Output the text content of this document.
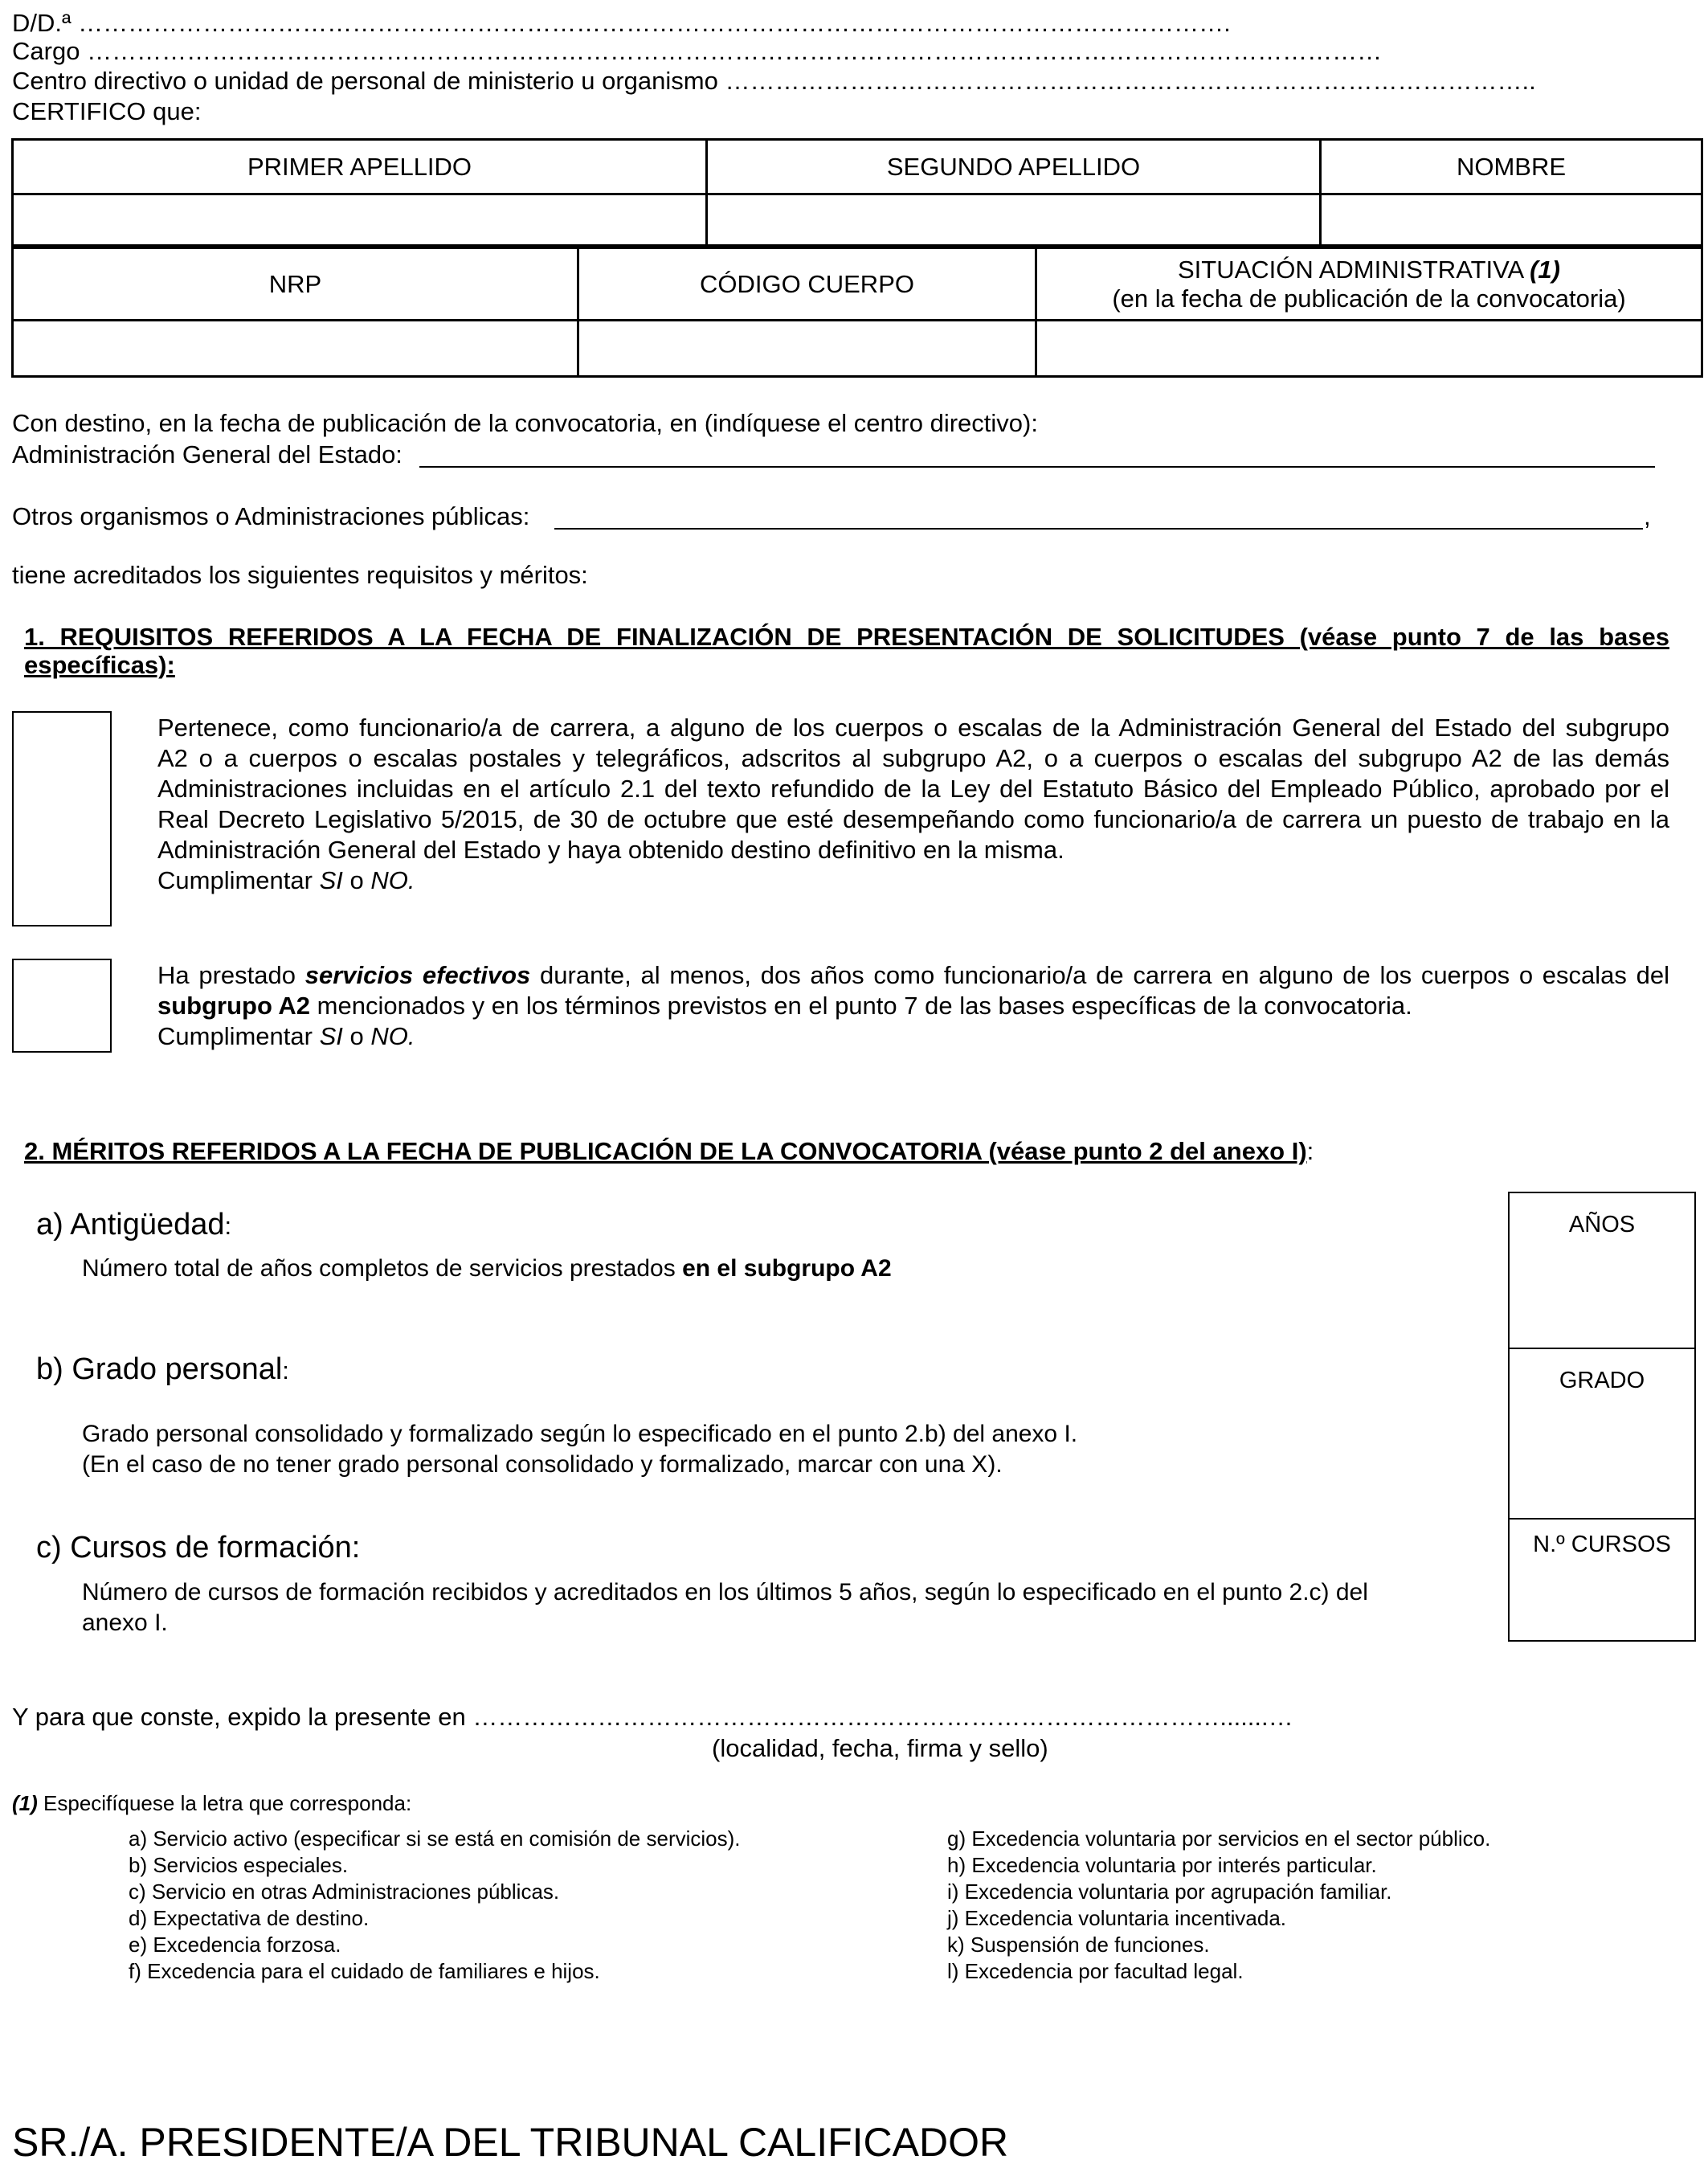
D/D.ª ………………………………………………………………………………………………………………………….
Cargo …………………………………………………………………………………………………………………………………………
Centro directivo o unidad de personal de ministerio u organismo ……………………………………………………………………………………..
CERTIFICO que:
PRIMER APELLIDO	SEGUNDO APELLIDO	NOMBRE

NRP	CÓDIGO CUERPO	SITUACIÓN ADMINISTRATIVA (1)
(en la fecha de publicación de la convocatoria)

Con destino, en la fecha de publicación de la convocatoria, en (indíquese el centro directivo):
Administración General del Estado:
Otros organismos o Administraciones públicas:	,
tiene acreditados los siguientes requisitos y méritos:
1. REQUISITOS REFERIDOS A LA FECHA DE FINALIZACIÓN DE PRESENTACIÓN DE SOLICITUDES (véase punto 7 de las bases
específicas):
Pertenece, como funcionario/a de carrera, a alguno de los cuerpos o escalas de la Administración General del Estado del subgrupo
A2 o a cuerpos o escalas postales y telegráficos, adscritos al subgrupo A2, o a cuerpos o escalas del subgrupo A2 de las demás
Administraciones incluidas en el artículo 2.1 del texto refundido de la Ley del Estatuto Básico del Empleado Público, aprobado por el
Real Decreto Legislativo 5/2015, de 30 de octubre que esté desempeñando como funcionario/a de carrera un puesto de trabajo en la
Administración General del Estado y haya obtenido destino definitivo en la misma.
Cumplimentar SI o NO.
Ha prestado servicios efectivos durante, al menos, dos años como funcionario/a de carrera en alguno de los cuerpos o escalas del
subgrupo A2 mencionados y en los términos previstos en el punto 7 de las bases específicas de la convocatoria.
Cumplimentar SI o NO.
2. MÉRITOS REFERIDOS A LA FECHA DE PUBLICACIÓN DE LA CONVOCATORIA (véase punto 2 del anexo I):
a) Antigüedad:
Número total de años completos de servicios prestados en el subgrupo A2
b) Grado personal:
Grado personal consolidado y formalizado según lo especificado en el punto 2.b) del anexo I.
(En el caso de no tener grado personal consolidado y formalizado, marcar con una X).
c) Cursos de formación:
Número de cursos de formación recibidos y acreditados en los últimos 5 años, según lo especificado en el punto 2.c) del
anexo I.
AÑOS
GRADO
N.º CURSOS
Y para que conste, expido la presente en ……………………………………………………………………………….......…
(localidad, fecha, firma y sello)
(1) Especifíquese la letra que corresponda:
a) Servicio activo (especificar si se está en comisión de servicios).
b) Servicios especiales.
c) Servicio en otras Administraciones públicas.
d) Expectativa de destino.
e) Excedencia forzosa.
f) Excedencia para el cuidado de familiares e hijos.
g) Excedencia voluntaria por servicios en el sector público.
h) Excedencia voluntaria por interés particular.
i) Excedencia voluntaria por agrupación familiar.
j) Excedencia voluntaria incentivada.
k) Suspensión de funciones.
l) Excedencia por facultad legal.
SR./A. PRESIDENTE/A DEL TRIBUNAL CALIFICADOR
